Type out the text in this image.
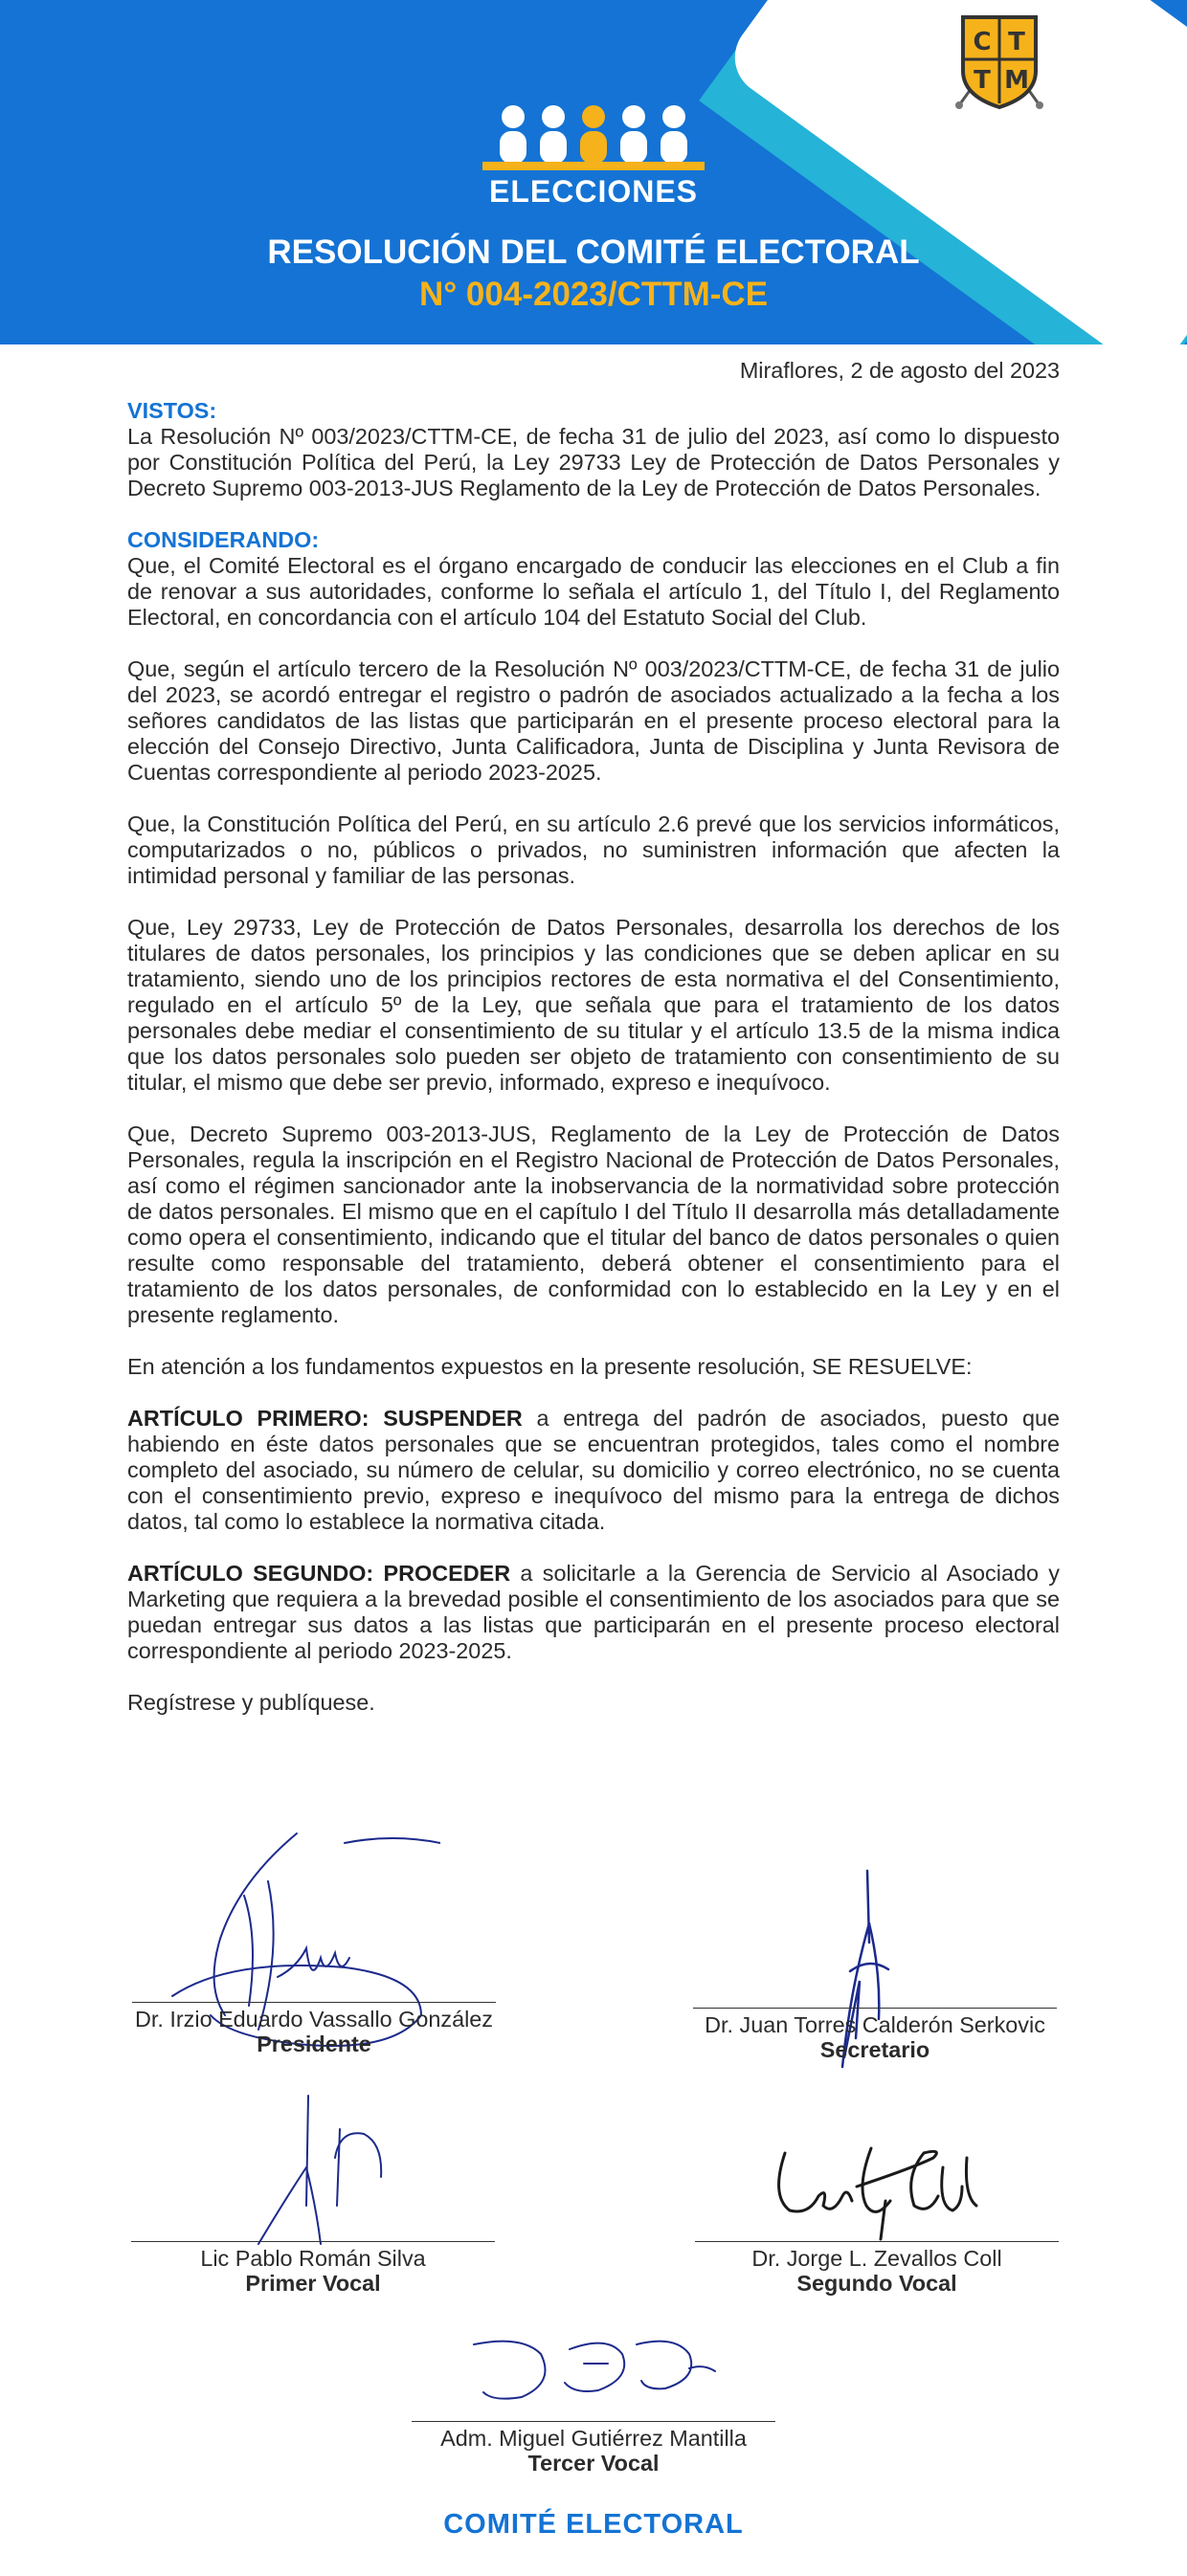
C T
T M
ELECCIONES
RESOLUCIÓN DEL COMITÉ ELECTORAL
N° 004-2023/CTTM-CE
Miraflores, 2 de agosto del 2023
VISTOS:
La Resolución Nº 003/2023/CTTM-CE, de fecha 31 de julio del 2023, así como lo dispuesto por Constitución Política del Perú, la Ley 29733 Ley de Protección de Datos Personales y Decreto Supremo 003-2013-JUS Reglamento de la Ley de Protección de Datos Personales.
CONSIDERANDO:
Que, el Comité Electoral es el órgano encargado de conducir las elecciones en el Club a fin de renovar a sus autoridades, conforme lo señala el artículo 1, del Título I, del Reglamento Electoral, en concordancia con el artículo 104 del Estatuto Social del Club.
Que, según el artículo tercero de la Resolución Nº 003/2023/CTTM-CE, de fecha 31 de julio del 2023, se acordó entregar el registro o padrón de asociados actualizado a la fecha a los señores candidatos de las listas que participarán en el presente proceso electoral para la elección del Consejo Directivo, Junta Calificadora, Junta de Disciplina y Junta Revisora de Cuentas correspondiente al periodo 2023-2025.
Que, la Constitución Política del Perú, en su artículo 2.6 prevé que los servicios informáticos, computarizados o no, públicos o privados, no suministren información que afecten la intimidad personal y familiar de las personas.
Que, Ley 29733, Ley de Protección de Datos Personales, desarrolla los derechos de los titulares de datos personales, los principios y las condiciones que se deben aplicar en su tratamiento, siendo uno de los principios rectores de esta normativa el del Consentimiento, regulado en el artículo 5º de la Ley, que señala que para el tratamiento de los datos personales debe mediar el consentimiento de su titular y el artículo 13.5 de la misma indica que los datos personales solo pueden ser objeto de tratamiento con consentimiento de su titular, el mismo que debe ser previo, informado, expreso e inequívoco.
Que, Decreto Supremo 003-2013-JUS, Reglamento de la Ley de Protección de Datos Personales, regula la inscripción en el Registro Nacional de Protección de Datos Personales, así como el régimen sancionador ante la inobservancia de la normatividad sobre protección de datos personales. El mismo que en el capítulo I del Título II desarrolla más detalladamente como opera el consentimiento, indicando que el titular del banco de datos personales o quien resulte como responsable del tratamiento, deberá obtener el consentimiento para el tratamiento de los datos personales, de conformidad con lo establecido en la Ley y en el presente reglamento.
En atención a los fundamentos expuestos en la presente resolución, SE RESUELVE:
ARTÍCULO PRIMERO: SUSPENDER a entrega del padrón de asociados, puesto que habiendo en éste datos personales que se encuentran protegidos, tales como el nombre completo del asociado, su número de celular, su domicilio y correo electrónico, no se cuenta con el consentimiento previo, expreso e inequívoco del mismo para la entrega de dichos datos, tal como lo establece la normativa citada.
ARTÍCULO SEGUNDO: PROCEDER a solicitarle a la Gerencia de Servicio al Asociado y Marketing que requiera a la brevedad posible el consentimiento de los asociados para que se puedan entregar sus datos a las listas que participarán en el presente proceso electoral correspondiente al periodo 2023-2025.
Regístrese y publíquese.
Dr. Irzio Eduardo Vassallo González
Presidente
Dr. Juan Torres Calderón Serkovic
Secretario
Lic Pablo Román Silva
Primer Vocal
Dr. Jorge L. Zevallos Coll
Segundo Vocal
Adm. Miguel Gutiérrez Mantilla
Tercer Vocal
COMITÉ ELECTORAL
